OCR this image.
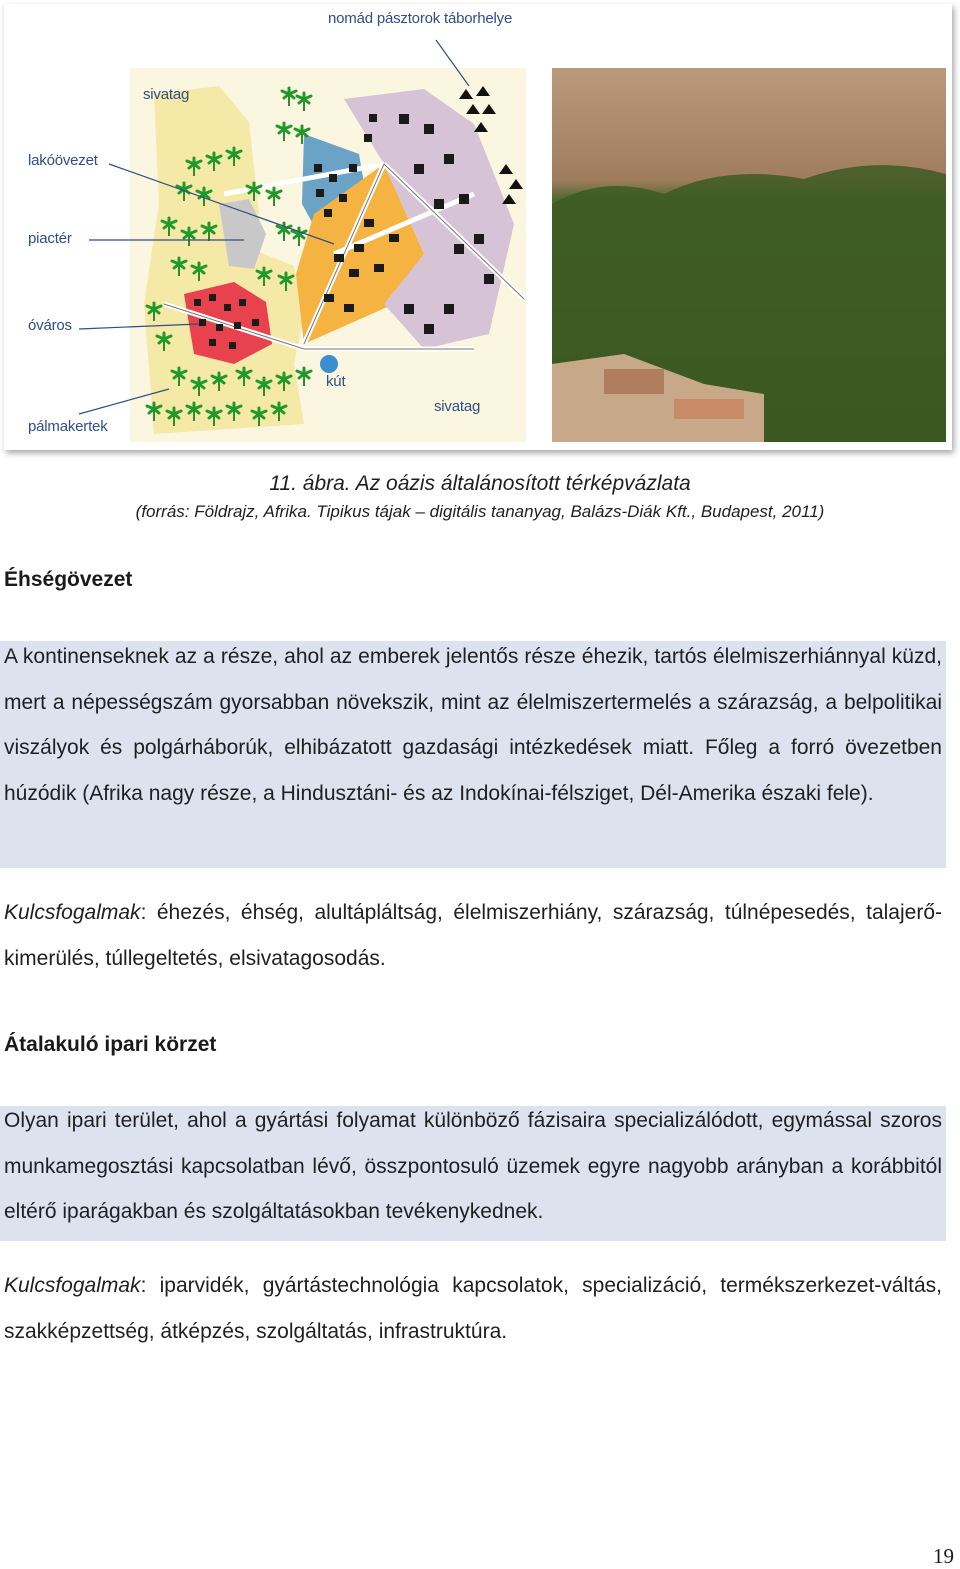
nomád pásztorok táborhelye
sivatag
lakóövezet
piactér
óváros
pálmakertek
kút
sivatag
11. ábra. Az oázis általánosított térképvázlata
(forrás: Földrajz, Afrika. Tipikus tájak – digitális tananyag, Balázs-Diák Kft., Budapest, 2011)
Éhségövezet
A kontinenseknek az a része, ahol az emberek jelentős része éhezik, tartós élelmiszerhiánnyal küzd, mert a népességszám gyorsabban növekszik, mint az élelmiszertermelés a szárazság, a belpolitikai viszályok és polgárháborúk, elhibázatott gazdasági intézkedések miatt. Főleg a forró övezetben húzódik (Afrika nagy része, a Hindusztáni- és az Indokínai-félsziget, Dél-Amerika északi fele).
Kulcsfogalmak: éhezés, éhség, alultápláltság, élelmiszerhiány, szárazság, túlnépesedés, talajerő-kimerülés, túllegeltetés, elsivatagosodás.
Átalakuló ipari körzet
Olyan ipari terület, ahol a gyártási folyamat különböző fázisaira specializálódott, egymással szoros munkamegosztási kapcsolatban lévő, összpontosuló üzemek egyre nagyobb arányban a korábbitól eltérő iparágakban és szolgáltatásokban tevékenykednek.
Kulcsfogalmak: iparvidék, gyártástechnológia kapcsolatok, specializáció, termékszerkezet-váltás, szakképzettség, átképzés, szolgáltatás, infrastruktúra.
19
